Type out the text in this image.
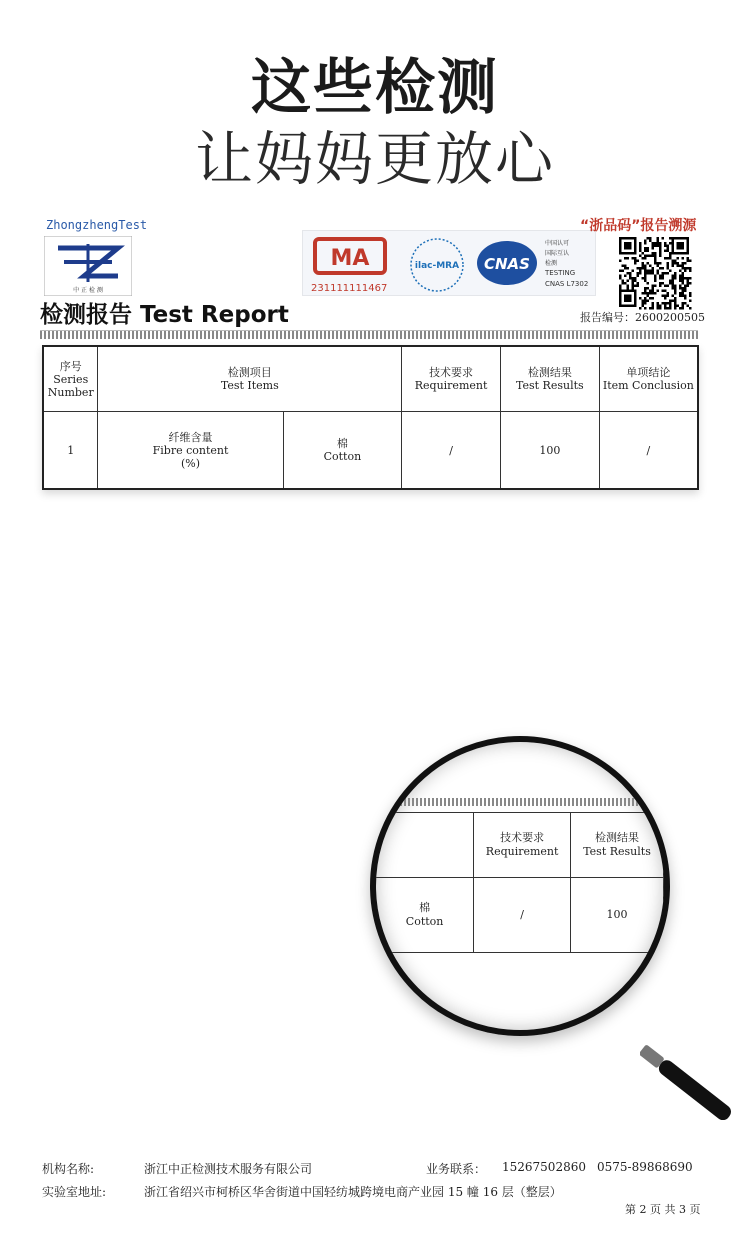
这些检测
让妈妈更放心
ZhongzhengTest
中 正 检 测
MA
231111111467
ilac-MRA CNAS
中国认可
国际互认
检测
TESTING
CNAS L7302
“浙品码”报告溯源
报告编号：2600200505
检测报告 Test Report
序号
Series
Number	检测项目
Test Items		技术要求
Requirement	检测结果
Test Results	单项结论
Item Conclusion
1	纤维含量
Fibre content
(%)	棉
Cotton	/	100	/
	技术要求
Requirement	检测结果
Test Results
棉
Cotton	/	100
机构名称:	浙江中正检测技术服务有限公司	业务联系： 15267502860 0575-89868690
实验室地址:	浙江省绍兴市柯桥区华舍街道中国轻纺城跨境电商产业园 15 幢 16 层（整层）
第 2 页 共 3 页
